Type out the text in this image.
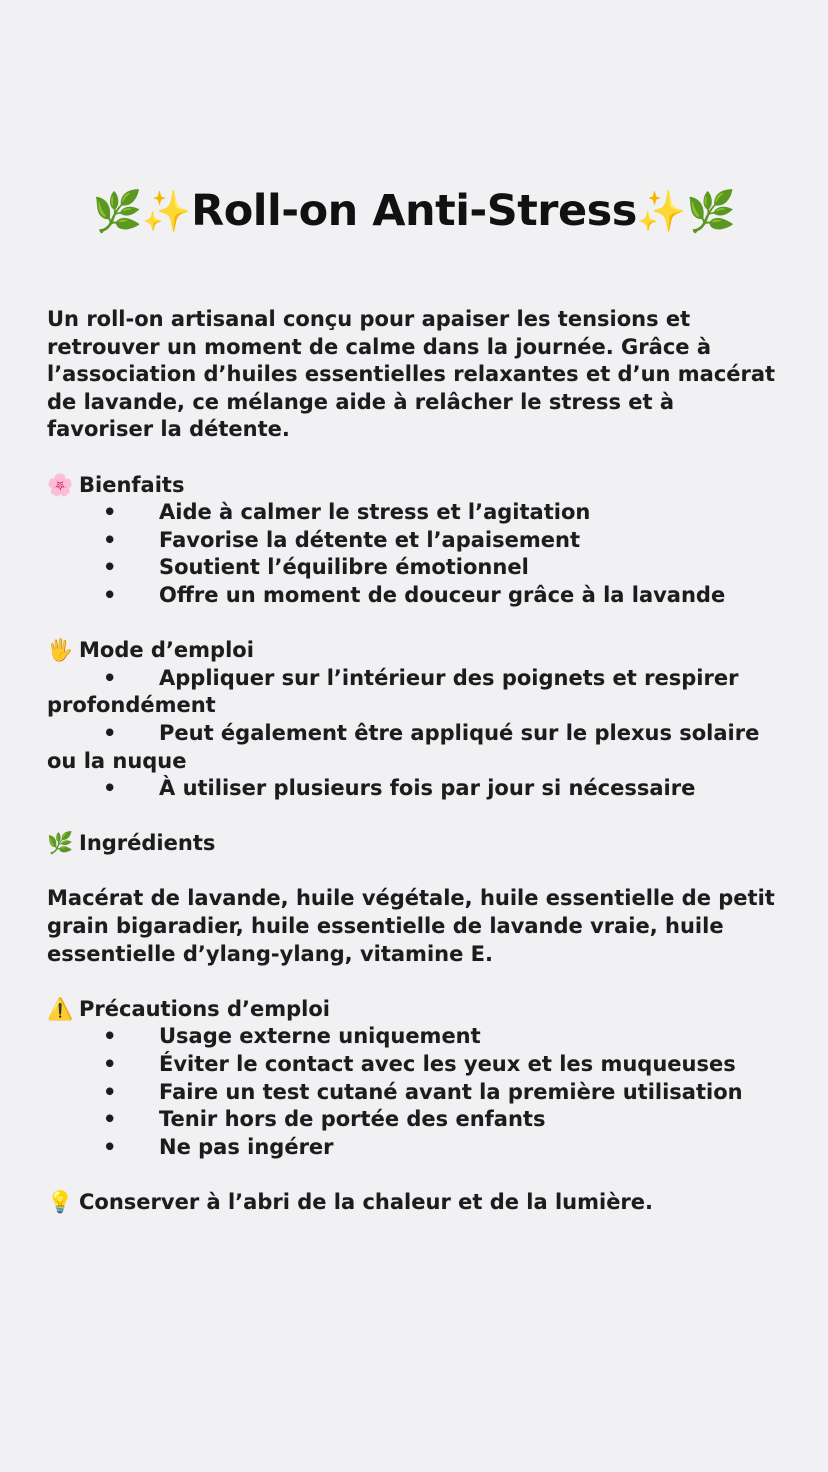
🌿✨Roll-on Anti-Stress✨🌿

Un roll-on artisanal conçu pour apaiser les tensions et retrouver un moment de calme dans la journée. Grâce à l’association d’huiles essentielles relaxantes et d’un macérat de lavande, ce mélange aide à relâcher le stress et à favoriser la détente.

🌸 Bienfaits

• Aide à calmer le stress et l’agitation

• Favorise la détente et l’apaisement

• Soutient l’équilibre émotionnel

• Offre un moment de douceur grâce à la lavande

🖐️ Mode d’emploi

• Appliquer sur l’intérieur des poignets et respirer profondément

• Peut également être appliqué sur le plexus solaire ou la nuque

• À utiliser plusieurs fois par jour si nécessaire

🌿 Ingrédients

Macérat de lavande, huile végétale, huile essentielle de petit grain bigaradier, huile essentielle de lavande vraie, huile essentielle d’ylang-ylang, vitamine E.

⚠️ Précautions d’emploi

• Usage externe uniquement

• Éviter le contact avec les yeux et les muqueuses

• Faire un test cutané avant la première utilisation

• Tenir hors de portée des enfants

• Ne pas ingérer

💡 Conserver à l’abri de la chaleur et de la lumière.
